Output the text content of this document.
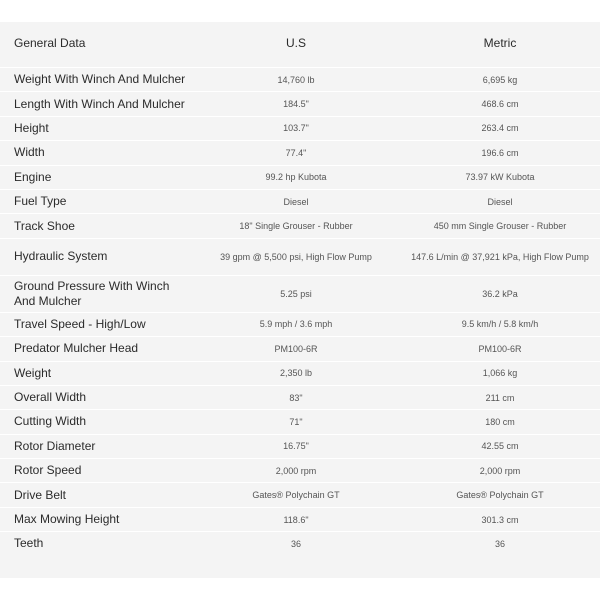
General Data	U.S	Metric
Weight With Winch And Mulcher	14,760 lb	6,695 kg
Length With Winch And Mulcher	184.5"	468.6 cm
Height	103.7"	263.4 cm
Width	77.4"	196.6 cm
Engine	99.2 hp Kubota	73.97 kW Kubota
Fuel Type	Diesel	Diesel
Track Shoe	18" Single Grouser - Rubber	450 mm Single Grouser - Rubber
Hydraulic System	39 gpm @ 5,500 psi, High Flow Pump	147.6 L/min @ 37,921 kPa, High Flow Pump
Ground Pressure With Winch And Mulcher	5.25 psi	36.2 kPa
Travel Speed - High/Low	5.9 mph / 3.6 mph	9.5 km/h / 5.8 km/h
Predator Mulcher Head	PM100-6R	PM100-6R
Weight	2,350 lb	1,066 kg
Overall Width	83"	211 cm
Cutting Width	71"	180 cm
Rotor Diameter	16.75"	42.55 cm
Rotor Speed	2,000 rpm	2,000 rpm
Drive Belt	Gates® Polychain GT	Gates® Polychain GT
Max Mowing Height	118.6"	301.3 cm
Teeth	36	36
